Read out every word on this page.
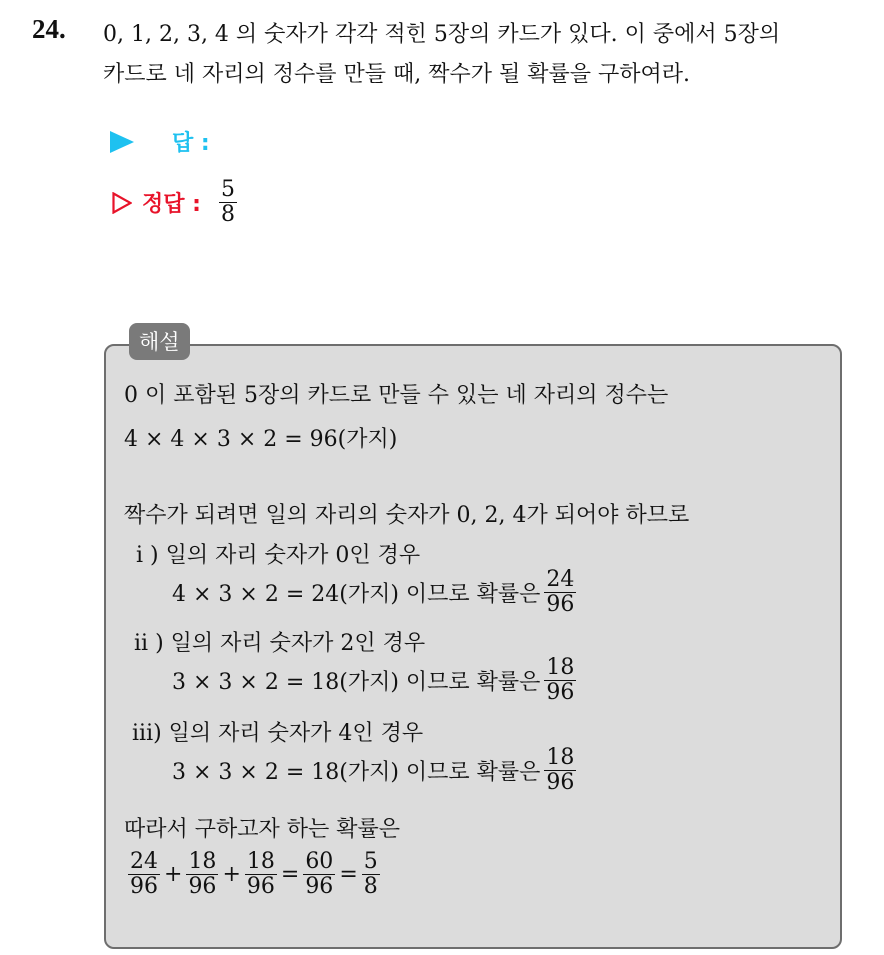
24. 0, 1, 2, 3, 4 의 숫자가 각각 적힌 5장의 카드가 있다. 이 중에서 5장의
카드로 네 자리의 정수를 만들 때, 짝수가 될 확률을 구하여라.
답 :
정답 : $\frac{5}{8}$
해설
0 이 포함된 5장의 카드로 만들 수 있는 네 자리의 정수는
4 × 4 × 3 × 2 = 96(가지)
짝수가 되려면 일의 자리의 숫자가 0, 2, 4가 되어야 하므로
i ) 일의 자리 숫자가 0인 경우
4 × 3 × 2 = 24(가지) 이므로 확률은 $\frac{24}{96}$
ii ) 일의 자리 숫자가 2인 경우
3 × 3 × 2 = 18(가지) 이므로 확률은 $\frac{18}{96}$
iii) 일의 자리 숫자가 4인 경우
3 × 3 × 2 = 18(가지) 이므로 확률은 $\frac{18}{96}$
따라서 구하고자 하는 확률은
$\frac{24}{96} + \frac{18}{96} + \frac{18}{96} = \frac{60}{96} = \frac{5}{8}$
